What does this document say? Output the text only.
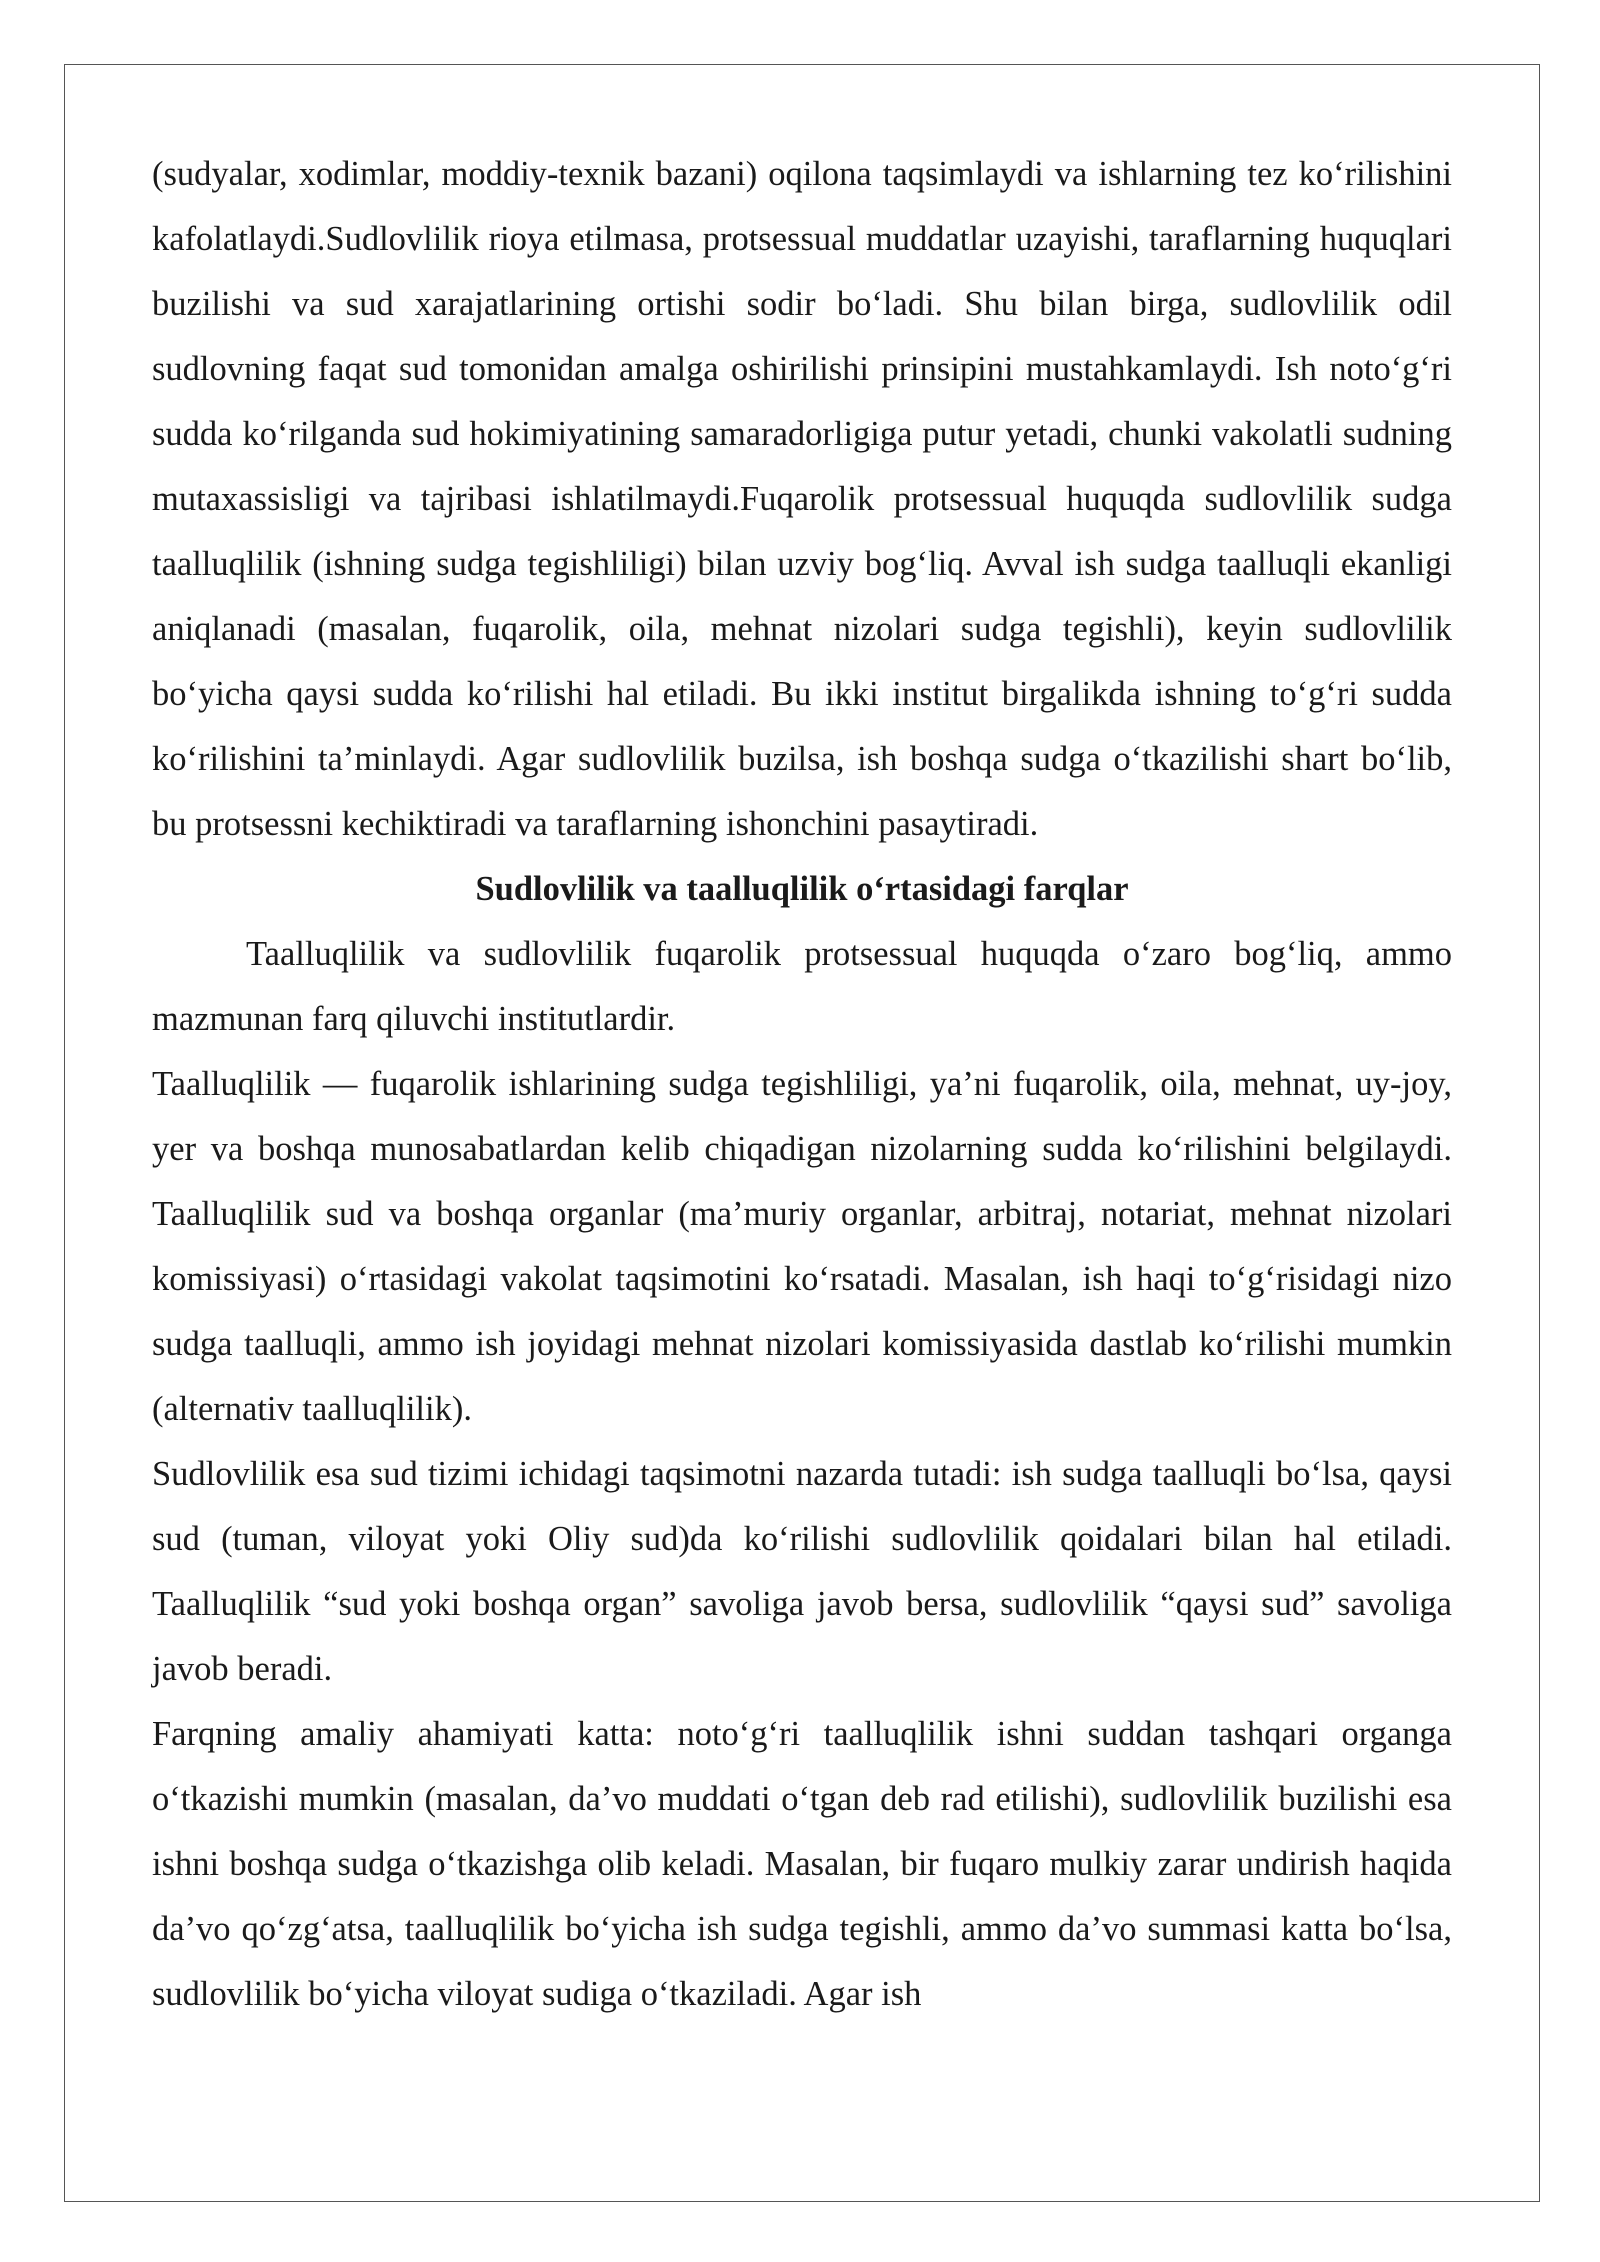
(sudyalar, xodimlar, moddiy-texnik bazani) oqilona taqsimlaydi va ishlarning tez ko‘rilishini kafolatlaydi.Sudlovlilik rioya etilmasa, protsessual muddatlar uzayishi, taraflarning huquqlari buzilishi va sud xarajatlarining ortishi sodir bo‘ladi. Shu bilan birga, sudlovlilik odil sudlovning faqat sud tomonidan amalga oshirilishi prinsipini mustahkamlaydi. Ish noto‘g‘ri sudda ko‘rilganda sud hokimiyatining samaradorligiga putur yetadi, chunki vakolatli sudning mutaxassisligi va tajribasi ishlatilmaydi.Fuqarolik protsessual huquqda sudlovlilik sudga taalluqlilik (ishning sudga tegishliligi) bilan uzviy bog‘liq. Avval ish sudga taalluqli ekanligi aniqlanadi (masalan, fuqarolik, oila, mehnat nizolari sudga tegishli), keyin sudlovlilik bo‘yicha qaysi sudda ko‘rilishi hal etiladi. Bu ikki institut birgalikda ishning to‘g‘ri sudda ko‘rilishini ta’minlaydi. Agar sudlovlilik buzilsa, ish boshqa sudga o‘tkazilishi shart bo‘lib, bu protsessni kechiktiradi va taraflarning ishonchini pasaytiradi.

Sudlovlilik va taalluqlilik o‘rtasidagi farqlar

Taalluqlilik va sudlovlilik fuqarolik protsessual huquqda o‘zaro bog‘liq, ammo mazmunan farq qiluvchi institutlardir.

Taalluqlilik — fuqarolik ishlarining sudga tegishliligi, ya’ni fuqarolik, oila, mehnat, uy-joy, yer va boshqa munosabatlardan kelib chiqadigan nizolarning sudda ko‘rilishini belgilaydi. Taalluqlilik sud va boshqa organlar (ma’muriy organlar, arbitraj, notariat, mehnat nizolari komissiyasi) o‘rtasidagi vakolat taqsimotini ko‘rsatadi. Masalan, ish haqi to‘g‘risidagi nizo sudga taalluqli, ammo ish joyidagi mehnat nizolari komissiyasida dastlab ko‘rilishi mumkin (alternativ taalluqlilik).

Sudlovlilik esa sud tizimi ichidagi taqsimotni nazarda tutadi: ish sudga taalluqli bo‘lsa, qaysi sud (tuman, viloyat yoki Oliy sud)da ko‘rilishi sudlovlilik qoidalari bilan hal etiladi. Taalluqlilik “sud yoki boshqa organ” savoliga javob bersa, sudlovlilik “qaysi sud” savoliga javob beradi.

Farqning amaliy ahamiyati katta: noto‘g‘ri taalluqlilik ishni suddan tashqari organga o‘tkazishi mumkin (masalan, da’vo muddati o‘tgan deb rad etilishi), sudlovlilik buzilishi esa ishni boshqa sudga o‘tkazishga olib keladi. Masalan, bir fuqaro mulkiy zarar undirish haqida da’vo qo‘zg‘atsa, taalluqlilik bo‘yicha ish sudga tegishli, ammo da’vo summasi katta bo‘lsa, sudlovlilik bo‘yicha viloyat sudiga o‘tkaziladi. Agar ish
